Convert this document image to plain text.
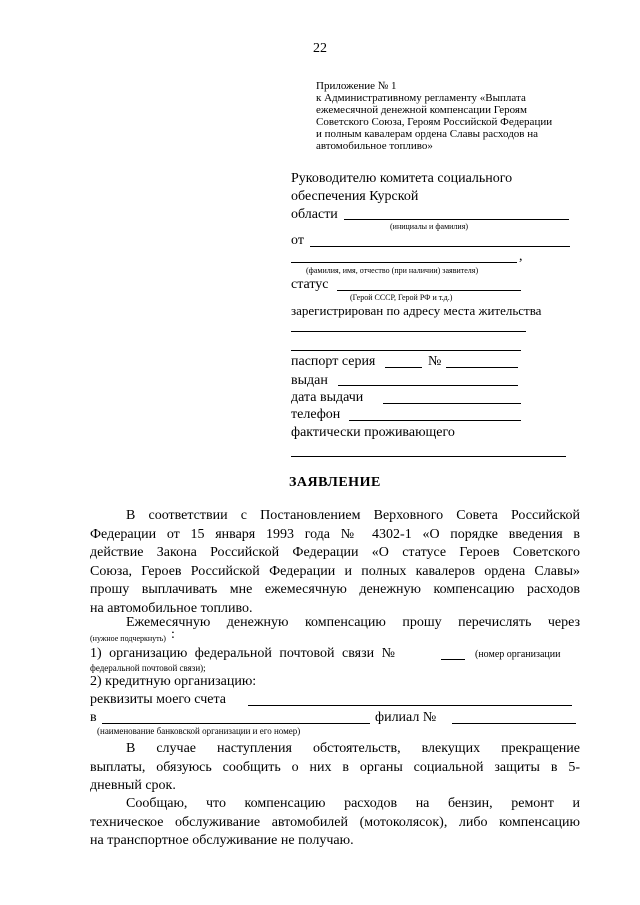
22
Приложение № 1
к Административному регламенту «Выплата
ежемесячной денежной компенсации Героям
Советского Союза, Героям Российской Федерации
и полным кавалерам ордена Славы расходов на
автомобильное топливо»
Руководителю комитета социального
обеспечения Курской
области
(инициалы и фамилия)
от
,
(фамилия, имя, отчество (при наличии) заявителя)
статус
(Герой СССР, Герой РФ и т.д.)
зарегистрирован по адресу места жительства
паспорт серия	№
выдан
дата выдачи
телефон
фактически проживающего
ЗАЯВЛЕНИЕ
В соответствии с Постановлением Верховного Совета Российской
Федерации от 15 января 1993 года № 4302-1 «О порядке введения в
действие Закона Российской Федерации «О статусе Героев Советского
Союза, Героев Российской Федерации и полных кавалеров ордена Славы»
прошу выплачивать мне ежемесячную денежную компенсацию расходов
на автомобильное топливо.
Ежемесячную денежную компенсацию прошу перечислять через
(нужное подчеркнуть) :
1) организацию федеральной почтовой связи №	(номер организации
федеральной почтовой связи);
2) кредитную организацию:
реквизиты моего счета
в	филиал №
(наименование банковской организации и его номер)
В случае наступления обстоятельств, влекущих прекращение
выплаты, обязуюсь сообщить о них в органы социальной защиты в 5-
дневный срок.
Сообщаю, что компенсацию расходов на бензин, ремонт и
техническое обслуживание автомобилей (мотоколясок), либо компенсацию
на транспортное обслуживание не получаю.
